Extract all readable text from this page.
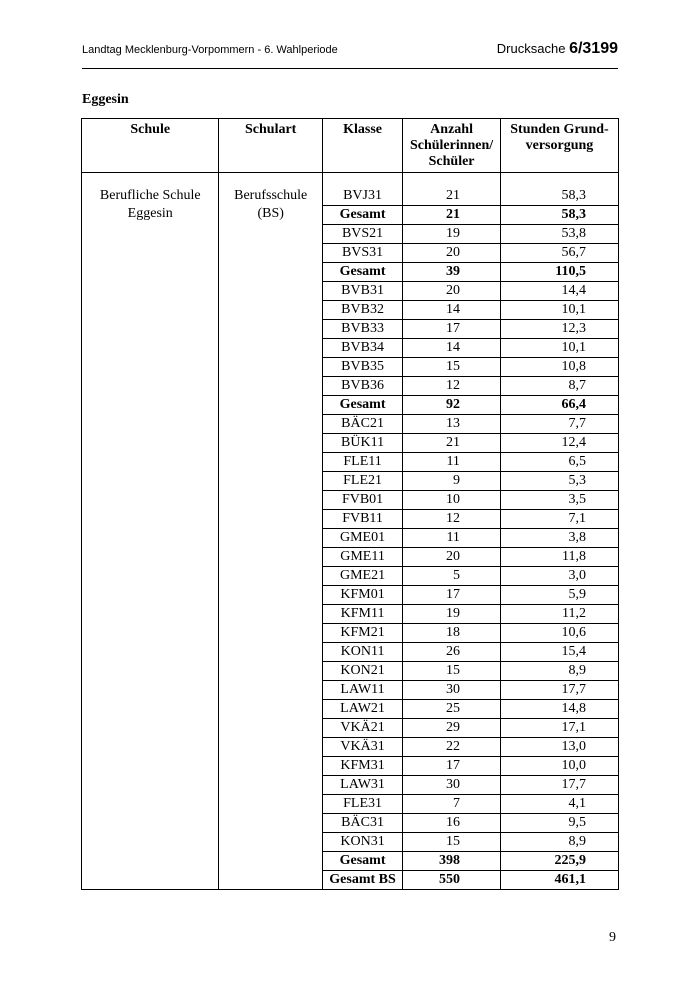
Landtag Mecklenburg-Vorpommern - 6. Wahlperiode	Drucksache 6/3199
Eggesin
Schule	Schulart	Klasse	Anzahl Schülerinnen/ Schüler	Stunden Grund- versorgung

Berufliche Schule Eggesin	Berufsschule (BS)	BVJ31	21	58,3
		Gesamt	21	58,3
		BVS21	19	53,8
		BVS31	20	56,7
		Gesamt	39	110,5
		BVB31	20	14,4
		BVB32	14	10,1
		BVB33	17	12,3
		BVB34	14	10,1
		BVB35	15	10,8
		BVB36	12	8,7
		Gesamt	92	66,4
		BÄC21	13	7,7
		BÜK11	21	12,4
		FLE11	11	6,5
		FLE21	9	5,3
		FVB01	10	3,5
		FVB11	12	7,1
		GME01	11	3,8
		GME11	20	11,8
		GME21	5	3,0
		KFM01	17	5,9
		KFM11	19	11,2
		KFM21	18	10,6
		KON11	26	15,4
		KON21	15	8,9
		LAW11	30	17,7
		LAW21	25	14,8
		VKÄ21	29	17,1
		VKÄ31	22	13,0
		KFM31	17	10,0
		LAW31	30	17,7
		FLE31	7	4,1
		BÄC31	16	9,5
		KON31	15	8,9
		Gesamt	398	225,9
		Gesamt BS	550	461,1
9
